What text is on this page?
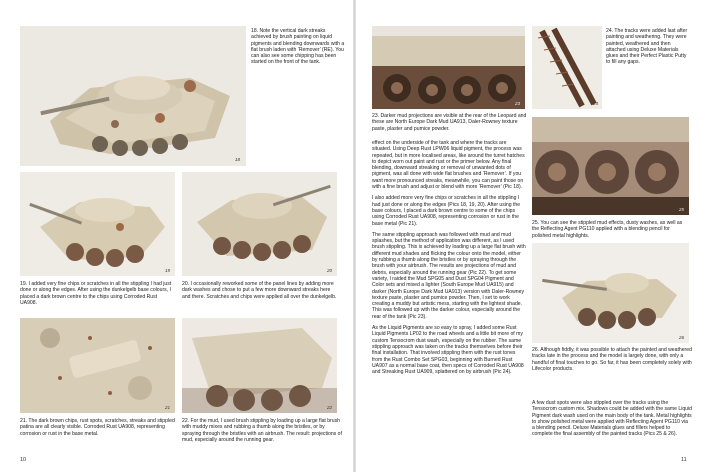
18

18. Note the vertical dark streaks achieved by brush painting on liquid pigments and blending downwards with a flat brush laden with ‘Remover’ (RE). You can also see some chipping has been started on the front of the tank.

19

19. I added very fine chips or scratches in all the stippling I had just done or along the edges. After using the dunkelgelb base colours, I placed a dark brown centre to the chips using Corroded Rust UA908.

20

20. I occasionally reworked some of the panel lines by adding more dark washes and chose to put a few more downward streaks here and there. Scratches and chips were applied all over the dunkelgelb.

21

21. The dark brown chips, rust spots, scratches, streaks and stippled patina are all clearly visible. Corroded Rust UA908, representing corrosion or rust in the base metal.

22

22. For the mud, I used brush stippling by loading up a large flat brush with muddy mixes and rubbing a thumb along the bristles, or by spraying through the bristles with an airbrush. The result: projections of mud, especially around the running gear.

10
23

23. Darker mud projections are visible at the rear of the Leopard and these are North Europe Dark Mud UA913, Daler-Rowney texture paste, plaster and pumice powder.

24

24. The tracks were added last after painting and weathering. They were painted, weathered and then attached using Deluxe Materials glues and their Perfect Plastic Putty to fill any gaps.

25

25. You can see the stippled mud effects, dusty washes, as well as the Reflecting Agent PG110 applied with a blending pencil for polished metal highlights.

26

26. Although fiddly, it was possible to attach the painted and weathered tracks late in the process and the model is largely done, with only a handful of final touches to go. So far, it has been completely solely with Lifecolor products.

effect on the underside of the tank and where the tracks are situated. Using Deep Rust LPW06 liquid pigment, the process was repeated, but in more localised areas, like around the turret hatches to depict worn out paint and rust or the primer below. Any final blending, downward streaking or removal of unwanted dots of pigment, was all done with wide flat brushes and ‘Remover’. If you want more pronounced streaks, meanwhile, you can paint those on with a fine brush and adjust or blend with more ‘Remover’ (Pic 18).

I also added more very fine chips or scratches in all the stippling I had just done or along the edges (Pics 18, 19, 20). After using the base colours, I placed a dark brown centre to some of the chips using Corroded Rust UA908, representing corrosion or rust in the base metal (Pic 21).

The same stippling approach was followed with mud and mud splashes, but the method of application was different, as I used brush stippling. This is achieved by loading up a large flat brush with different mud shades and flicking the colour onto the model, either by rubbing a thumb along the bristles or by spraying through the brush with your airbrush. The results are projections of mud and debris, especially around the running gear (Pic 22). To get some variety, I raided the Mud SPG05 and Dust SPG04 Pigment and Color sets and mixed a lighter (South Europe Mud UA915) and darker (North Europe Dark Mud UA913) version with Daler-Rowney texture paste, plaster and pumice powder. Then, I set to work creating a muddy but artistic mess, starting with the lightest shade. This was followed up with the darker colour, especially around the rear of the tank (Pic 23).

As the Liquid Pigments are so easy to spray, I added some Rust Liquid Pigments LP02 to the road wheels and a little bit more of my custom Tensocrom dust wash, especially on the rubber. The same stippling approach was taken on the tracks themselves before their final installation. That involved stippling them with the rust tones from the Rust Combo Set SPG03, beginning with Burned Rust UA907 as a normal base coat, then specs of Corroded Rust UA908 and Streaking Rust UA909, splattered on by airbrush (Pic 24).

A few dust spots were also stippled over the tracks using the Tensocrom custom mix. Shadows could be added with the same Liquid Pigment dark wash used on the main body of the tank. Metal highlights to show polished metal were applied with Reflecting Agent PG110 via a blending pencil. Deluxe Materials glues and fillers helped to complete the final assembly of the painted tracks (Pics 25 & 26).

11
